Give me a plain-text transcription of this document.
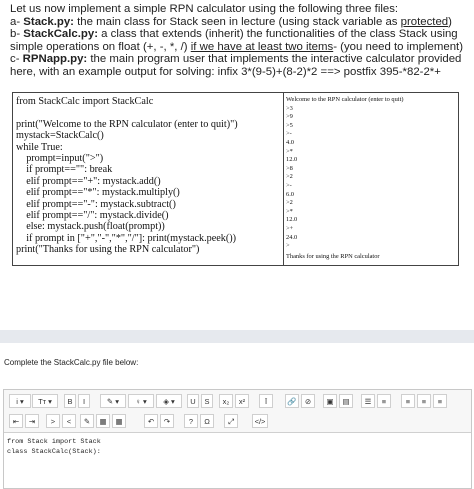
Let us now implement a simple RPN calculator using the following three files:

a- Stack.py: the main class for Stack seen in lecture (using stack variable as protected)

b- StackCalc.py: a class that extends (inherit) the functionalities of the class Stack using

simple operations on float (+, -, *, /) if we have at least two items- (you need to implement)

c- RPNapp.py: the main program user that implements the interactive calculator provided

here, with an example output for solving: infix 3*(9-5)+(8-2)*2 ==> postfix 395-*82-2*+

from StackCalc import StackCalc

print("Welcome to the RPN calculator (enter to quit)")
mystack=StackCalc()
while True:
prompt=input(">")
if prompt=="": break
elif prompt=="+": mystack.add()
elif prompt=="*": mystack.multiply()
elif prompt=="-": mystack.subtract()
elif prompt=="/": mystack.divide()
else: mystack.push(float(prompt))
if prompt in ["+","-","*","/"]: print(mystack.peek())
print("Thanks for using the RPN calculator")
Welcome to the RPN calculator (enter to quit)
>3
>9
>5
>-
4.0
>*
12.0
>8
>2
>-
6.0
>2
>*
12.0
>+
24.0
>
Thanks for using the RPN calculator
Complete the StackCalc.py file below:
i ▾	Tт ▾	B	I	✎ ▾	♀ ▾	◈ ▾	U	S	x₂	x²	Ī	🔗	⊘	▣	▤	☰	≡	≡	≡	≡
⇤	⇥	>	<	✎	▦	▦	↶	↷	?	Ω	⤢	</>
from Stack import Stack
class StackCalc(Stack):
